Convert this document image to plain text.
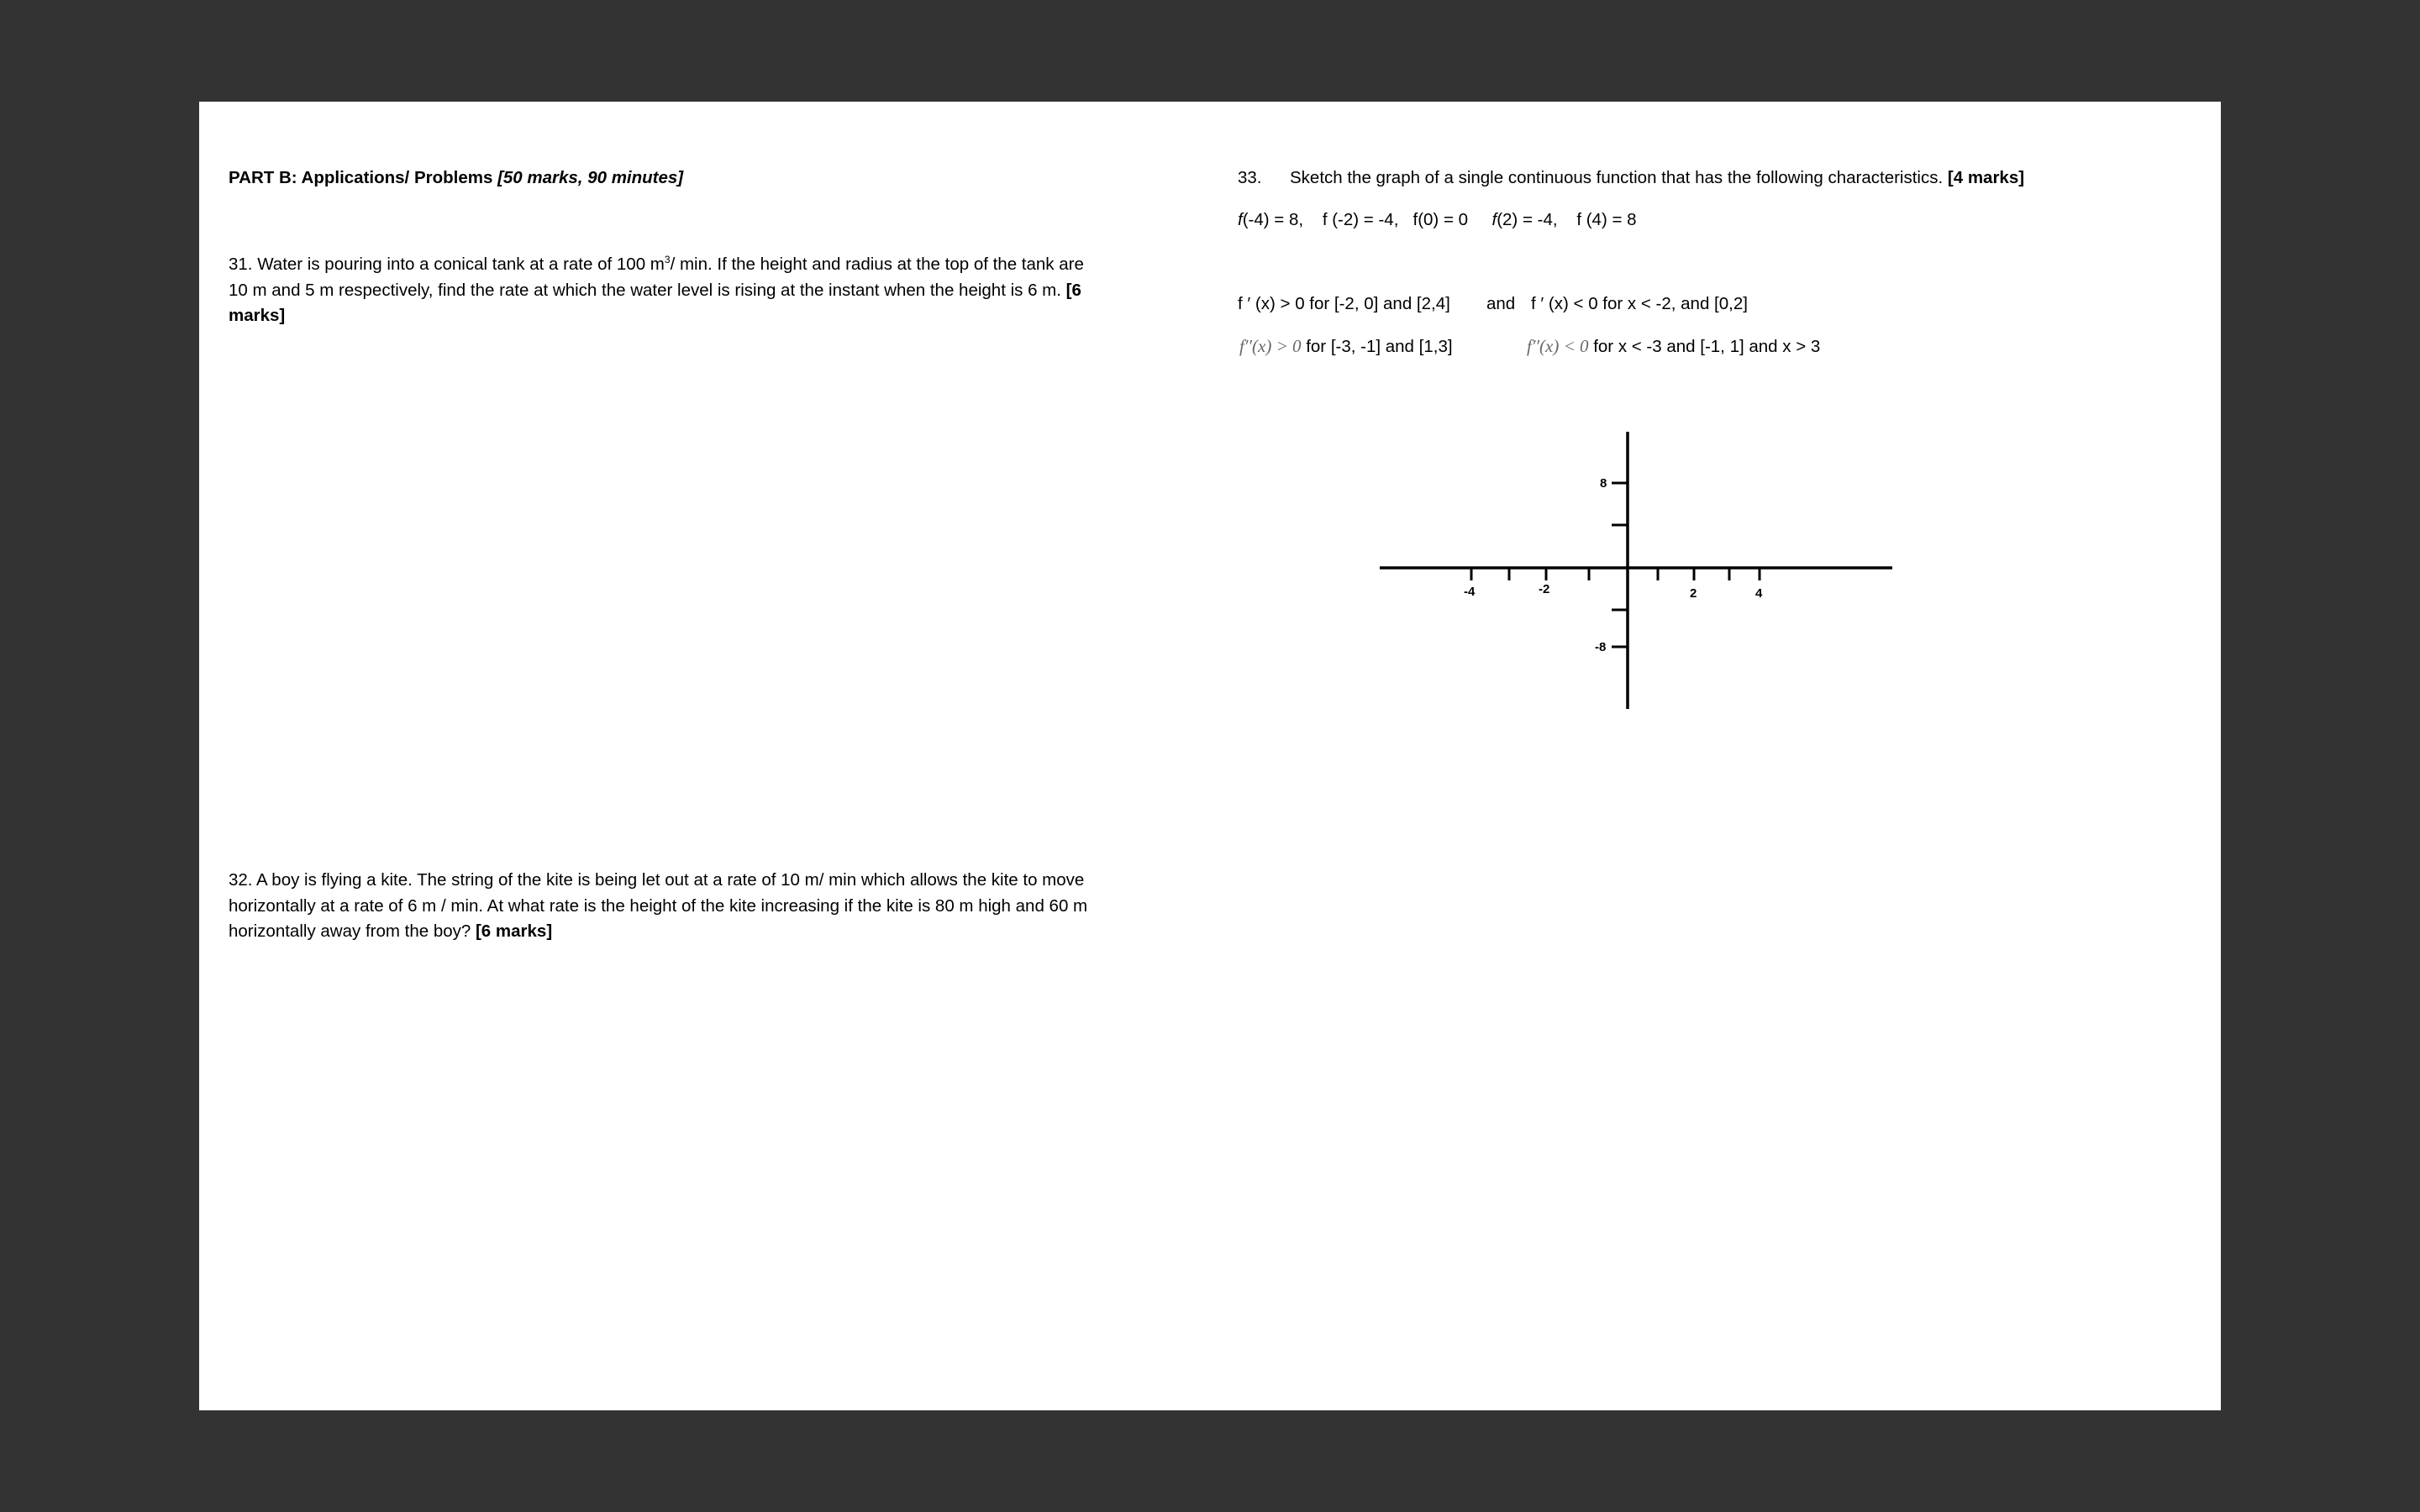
PART B: Applications/ Problems [50 marks, 90 minutes]
31. Water is pouring into a conical tank at a rate of 100 $m^3/$ min. If the height and radius at the top of the tank are
10 m and 5 m respectively, find the rate at which the water level is rising at the instant when the height is 6 m. [6 marks]
32. A boy is flying a kite. The string of the kite is being let out at a rate of 10 m/ min which allows the kite to move
horizontally at a rate of 6 m / min. At what rate is the height of the kite increasing if the kite is 80 m high and 60 m
horizontally away from the boy? [6 marks]
33. Sketch the graph of a single continuous function that has the following characteristics. [4 marks]
f(-4) = 8, f (-2) = -4, f(0) = 0 f(2) = -4, f (4) = 8
f ′ (x) > 0 for [-2, 0] and [2,4] and f ′ (x) < 0 for x < -2, and [0,2]
f′′(x) > 0 for [-3, -1] and [1,3]	f′′(x) < 0 for x < -3 and [-1, 1] and x > 3
-4	-2	2	4
8
-8
